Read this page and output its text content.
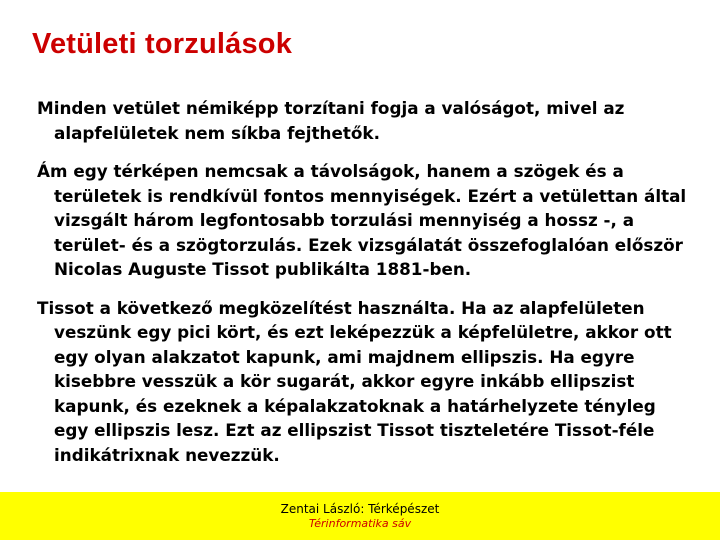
Vetületi torzulások

Minden vetület némiképp torzítani fogja a valóságot, mivel az alapfelületek nem síkba fejthetők.

Ám egy térképen nemcsak a távolságok, hanem a szögek és a területek is rendkívül fontos mennyiségek. Ezért a vetülettan által vizsgált három legfontosabb torzulási mennyiség a hossz -, a terület- és a szögtorzulás. Ezek vizsgálatát összefoglalóan először Nicolas Auguste Tissot publikálta 1881-ben.

Tissot a következő megközelítést használta. Ha az alapfelületen veszünk egy pici kört, és ezt leképezzük a képfelületre, akkor ott egy olyan alakzatot kapunk, ami majdnem ellipszis. Ha egyre kisebbre vesszük a kör sugarát, akkor egyre inkább ellipszist kapunk, és ezeknek a képalakzatoknak a határhelyzete tényleg egy ellipszis lesz. Ezt az ellipszist Tissot tiszteletére Tissot-féle indikátrixnak nevezzük.

Zentai László: Térképészet
Térinformatika sáv
